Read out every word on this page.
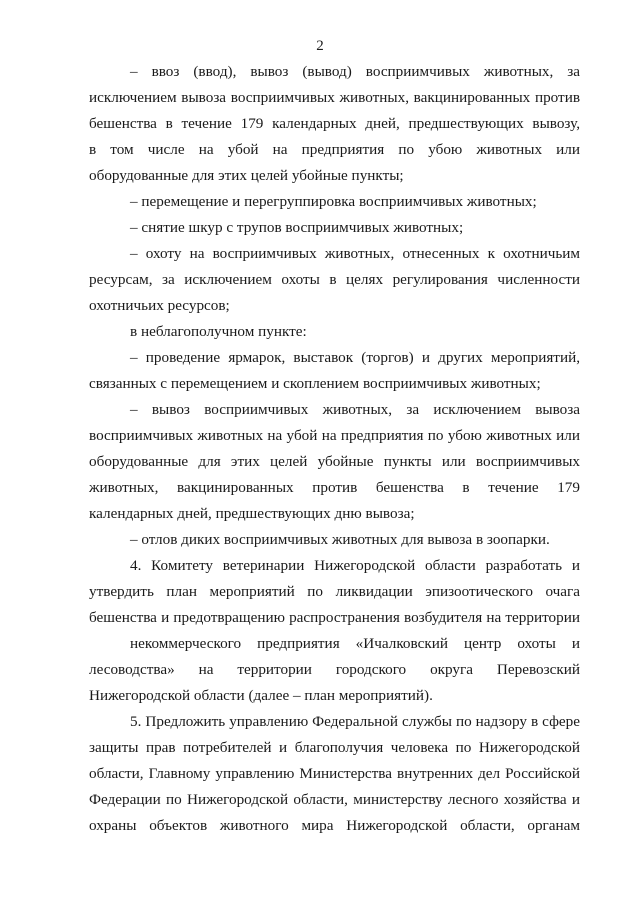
2
– ввоз (ввод), вывоз (вывод) восприимчивых животных, за
исключением вывоза восприимчивых животных, вакцинированных против
бешенства в течение 179 календарных дней, предшествующих вывозу,
в том числе на убой на предприятия по убою животных или
оборудованные для этих целей убойные пункты;
– перемещение и перегруппировка восприимчивых животных;
– снятие шкур с трупов восприимчивых животных;
– охоту на восприимчивых животных, отнесенных к охотничьим
ресурсам, за исключением охоты в целях регулирования численности
охотничьих ресурсов;
в неблагополучном пункте:
– проведение ярмарок, выставок (торгов) и других мероприятий,
связанных с перемещением и скоплением восприимчивых животных;
– вывоз восприимчивых животных, за исключением вывоза
восприимчивых животных на убой на предприятия по убою животных или
оборудованные для этих целей убойные пункты или восприимчивых
животных, вакцинированных против бешенства в течение 179
календарных дней, предшествующих дню вывоза;
– отлов диких восприимчивых животных для вывоза в зоопарки.
4. Комитету ветеринарии Нижегородской области разработать и
утвердить план мероприятий по ликвидации эпизоотического очага
бешенства и предотвращению распространения возбудителя на территории
некоммерческого предприятия «Ичалковский центр охоты и
лесоводства» на территории городского округа Перевозский
Нижегородской области (далее – план мероприятий).
5. Предложить управлению Федеральной службы по надзору в сфере
защиты прав потребителей и благополучия человека по Нижегородской
области, Главному управлению Министерства внутренних дел Российской
Федерации по Нижегородской области, министерству лесного хозяйства и
охраны объектов животного мира Нижегородской области, органам
